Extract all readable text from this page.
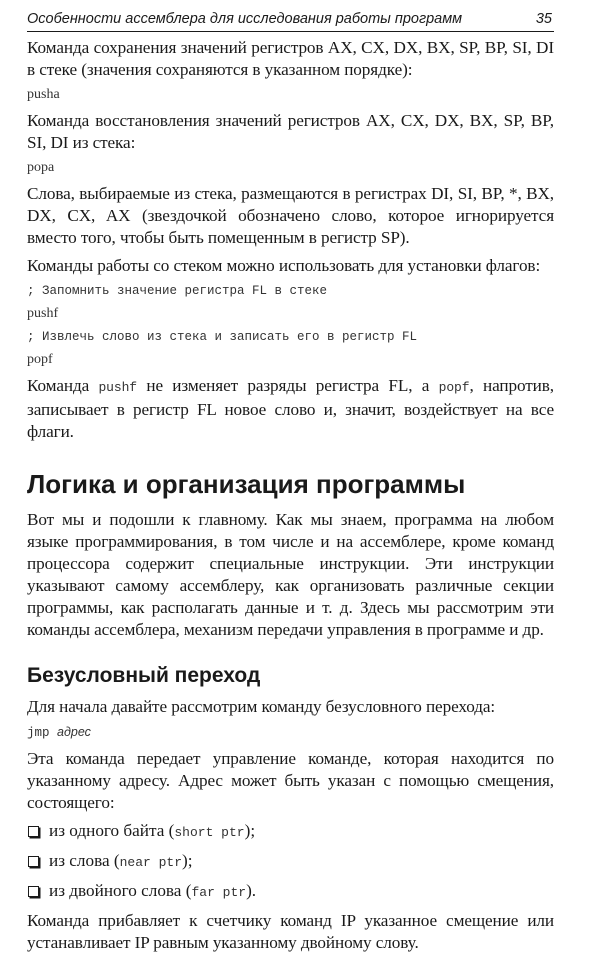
Особенности ассемблера для исследования работы программ	35

Команда сохранения значений регистров AX, CX, DX, BX, SP, BP, SI, DI в стеке (значения сохраняются в указанном порядке):

pusha

Команда восстановления значений регистров AX, CX, DX, BX, SP, BP, SI, DI из стека:

popa

Слова, выбираемые из стека, размещаются в регистрах DI, SI, BP, *, BX, DX, CX, AX (звездочкой обозначено слово, которое игнорируется вместо того, чтобы быть помещенным в регистр SP).

Команды работы со стеком можно использовать для установки флагов:

; Запомнить значение регистра FL в стеке
pushf
; Извлечь слово из стека и записать его в регистр FL
popf

Команда pushf не изменяет разряды регистра FL, а popf, напротив, записывает в регистр FL новое слово и, значит, воздействует на все флаги.

Логика и организация программы

Вот мы и подошли к главному. Как мы знаем, программа на любом языке программирования, в том числе и на ассемблере, кроме команд процессора содержит специальные инструкции. Эти инструкции указывают самому ассемблеру, как организовать различные секции программы, как располагать данные и т. д. Здесь мы рассмотрим эти команды ассемблера, механизм передачи управления в программе и др.

Безусловный переход

Для начала давайте рассмотрим команду безусловного перехода:

jmp адрес

Эта команда передает управление команде, которая находится по указанному адресу. Адрес может быть указан с помощью смещения, состоящего:

из одного байта (short ptr);
из слова (near ptr);
из двойного слова (far ptr).

Команда прибавляет к счетчику команд IP указанное смещение или устанавливает IP равным указанному двойному слову.
